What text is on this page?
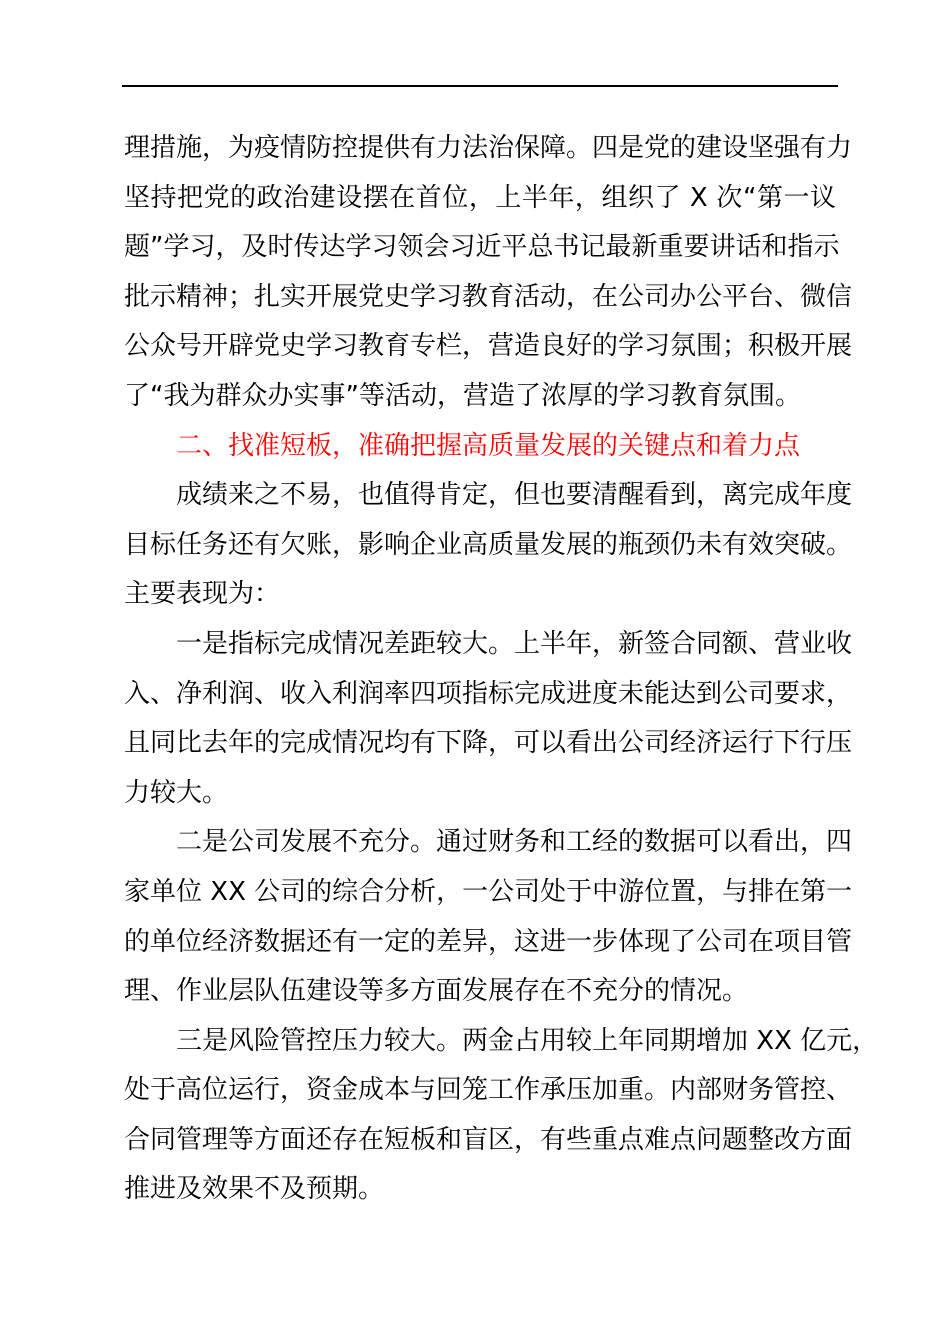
理措施，为疫情防控提供有力法治保障。四是党的建设坚强有力
坚持把党的政治建设摆在首位，上半年，组织了 X 次“第一议
题”学习，及时传达学习领会习近平总书记最新重要讲话和指示
批示精神；扎实开展党史学习教育活动，在公司办公平台、微信
公众号开辟党史学习教育专栏，营造良好的学习氛围；积极开展
了“我为群众办实事”等活动，营造了浓厚的学习教育氛围。
二、找准短板，准确把握高质量发展的关键点和着力点
成绩来之不易，也值得肯定，但也要清醒看到，离完成年度
目标任务还有欠账，影响企业高质量发展的瓶颈仍未有效突破。
主要表现为：
一是指标完成情况差距较大。上半年，新签合同额、营业收
入、净利润、收入利润率四项指标完成进度未能达到公司要求，
且同比去年的完成情况均有下降，可以看出公司经济运行下行压
力较大。
二是公司发展不充分。通过财务和工经的数据可以看出，四
家单位 XX 公司的综合分析，一公司处于中游位置，与排在第一
的单位经济数据还有一定的差异，这进一步体现了公司在项目管
理、作业层队伍建设等多方面发展存在不充分的情况。
三是风险管控压力较大。两金占用较上年同期增加 XX 亿元，
处于高位运行，资金成本与回笼工作承压加重。内部财务管控、
合同管理等方面还存在短板和盲区，有些重点难点问题整改方面
推进及效果不及预期。
